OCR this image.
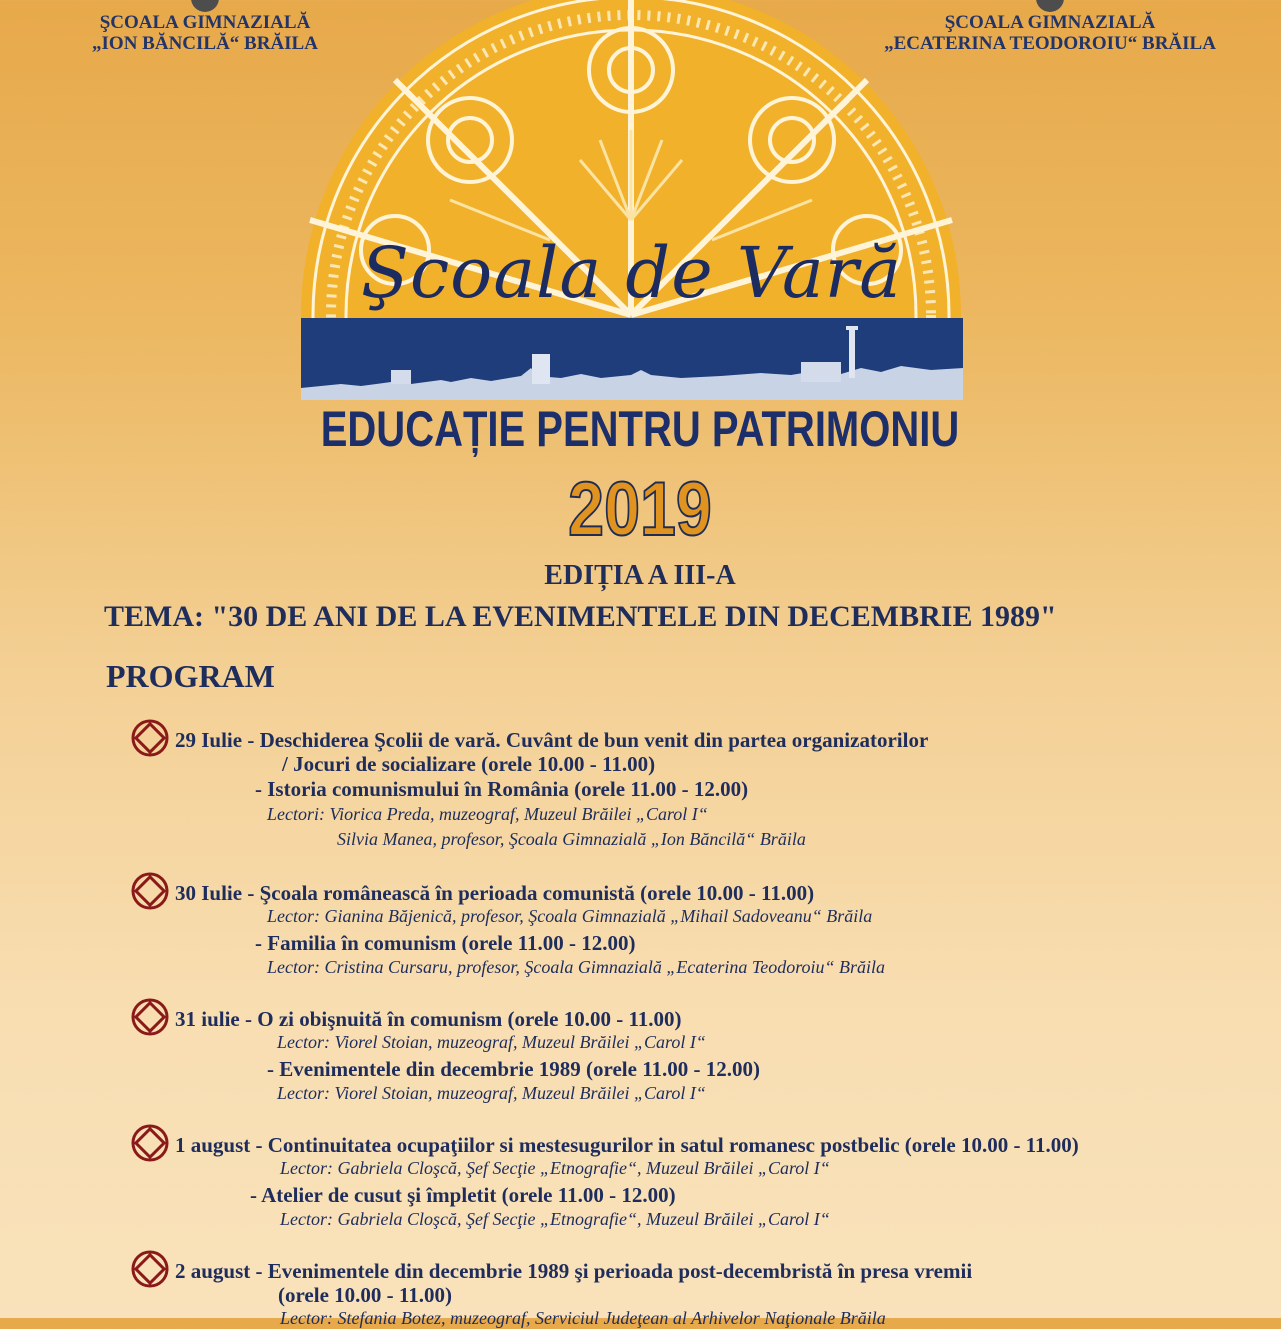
ŞCOALA GIMNAZIALĂ
„ION BĂNCILĂ“ BRĂILA
ŞCOALA GIMNAZIALĂ
„ECATERINA TEODOROIU“ BRĂILA
Şcoala de Vară
EDUCAȚIE PENTRU PATRIMONIU
2019
EDIȚIA A III-A
TEMA: "30 DE ANI DE LA EVENIMENTELE DIN DECEMBRIE 1989"
PROGRAM
29 Iulie - Deschiderea Şcolii de vară. Cuvânt de bun venit din partea organizatorilor
/ Jocuri de socializare (orele 10.00 - 11.00)
- Istoria comunismului în România (orele 11.00 - 12.00)
Lectori: Viorica Preda, muzeograf, Muzeul Brăilei „Carol I“
Silvia Manea, profesor, Şcoala Gimnazială „Ion Băncilă“ Brăila
30 Iulie - Şcoala românească în perioada comunistă (orele 10.00 - 11.00)
Lector: Gianina Băjenică, profesor, Şcoala Gimnazială „Mihail Sadoveanu“ Brăila
- Familia în comunism (orele 11.00 - 12.00)
Lector: Cristina Cursaru, profesor, Şcoala Gimnazială „Ecaterina Teodoroiu“ Brăila
31 iulie - O zi obişnuită în comunism (orele 10.00 - 11.00)
Lector: Viorel Stoian, muzeograf, Muzeul Brăilei „Carol I“
- Evenimentele din decembrie 1989 (orele 11.00 - 12.00)
Lector: Viorel Stoian, muzeograf, Muzeul Brăilei „Carol I“
1 august - Continuitatea ocupaţiilor si mestesugurilor in satul romanesc postbelic (orele 10.00 - 11.00)
Lector: Gabriela Cloşcă, Şef Secţie „Etnografie“, Muzeul Brăilei „Carol I“
- Atelier de cusut şi împletit (orele 11.00 - 12.00)
Lector: Gabriela Cloşcă, Şef Secţie „Etnografie“, Muzeul Brăilei „Carol I“
2 august - Evenimentele din decembrie 1989 şi perioada post-decembristă în presa vremii
(orele 10.00 - 11.00)
Lector: Stefania Botez, muzeograf, Serviciul Judeţean al Arhivelor Naţionale Brăila
